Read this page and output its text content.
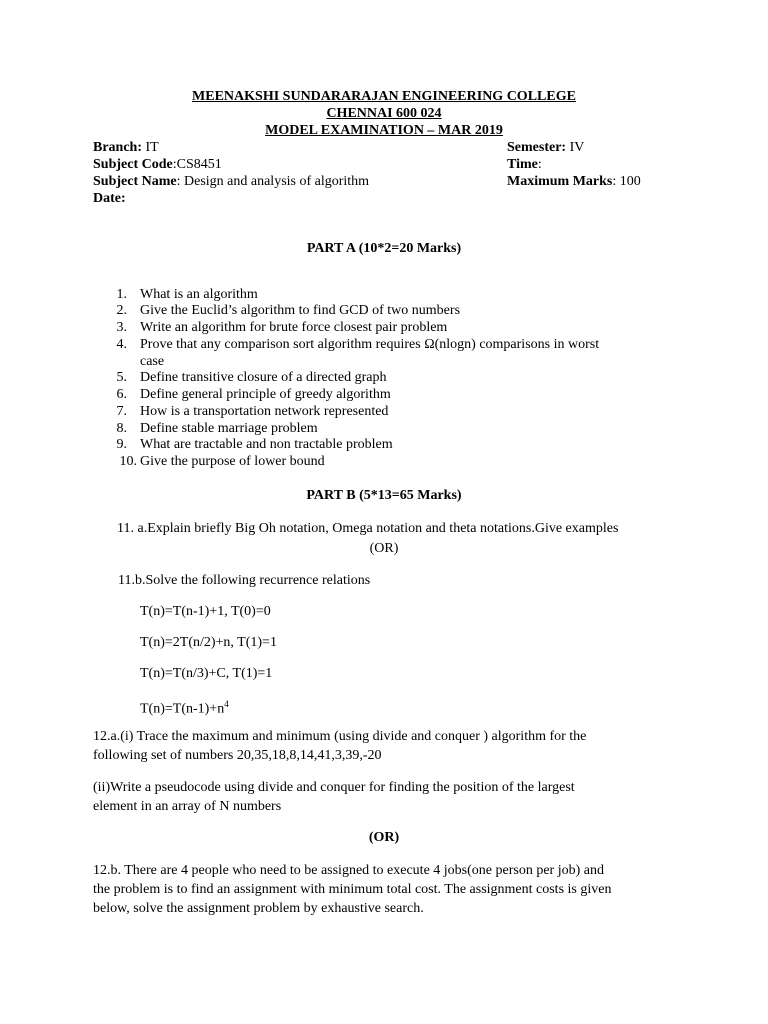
MEENAKSHI SUNDARARAJAN ENGINEERING COLLEGE
CHENNAI 600 024
MODEL EXAMINATION – MAR 2019
Branch: IT
Subject Code:CS8451
Subject Name: Design and analysis of algorithm
Date:
Semester: IV
Time:
Maximum Marks: 100
PART A (10*2=20 Marks)
1. What is an algorithm
2. Give the Euclid’s algorithm to find GCD of two numbers
3. Write an algorithm for brute force closest pair problem
4. Prove that any comparison sort algorithm requires Ω(nlogn) comparisons in worst
case
5. Define transitive closure of a directed graph
6. Define general principle of greedy algorithm
7. How is a transportation network represented
8. Define stable marriage problem
9. What are tractable and non tractable problem
10. Give the purpose of lower bound
PART B (5*13=65 Marks)
11. a.Explain briefly Big Oh notation, Omega notation and theta notations.Give examples
(OR)
11.b.Solve the following recurrence relations
T(n)=T(n-1)+1, T(0)=0
T(n)=2T(n/2)+n, T(1)=1
T(n)=T(n/3)+C, T(1)=1
$T(n)=T(n-1)+n^4$
12.a.(i) Trace the maximum and minimum (using divide and conquer ) algorithm for the
following set of numbers 20,35,18,8,14,41,3,39,-20
(ii)Write a pseudocode using divide and conquer for finding the position of the largest
element in an array of N numbers
(OR)
12.b. There are 4 people who need to be assigned to execute 4 jobs(one person per job) and
the problem is to find an assignment with minimum total cost. The assignment costs is given
below, solve the assignment problem by exhaustive search.
